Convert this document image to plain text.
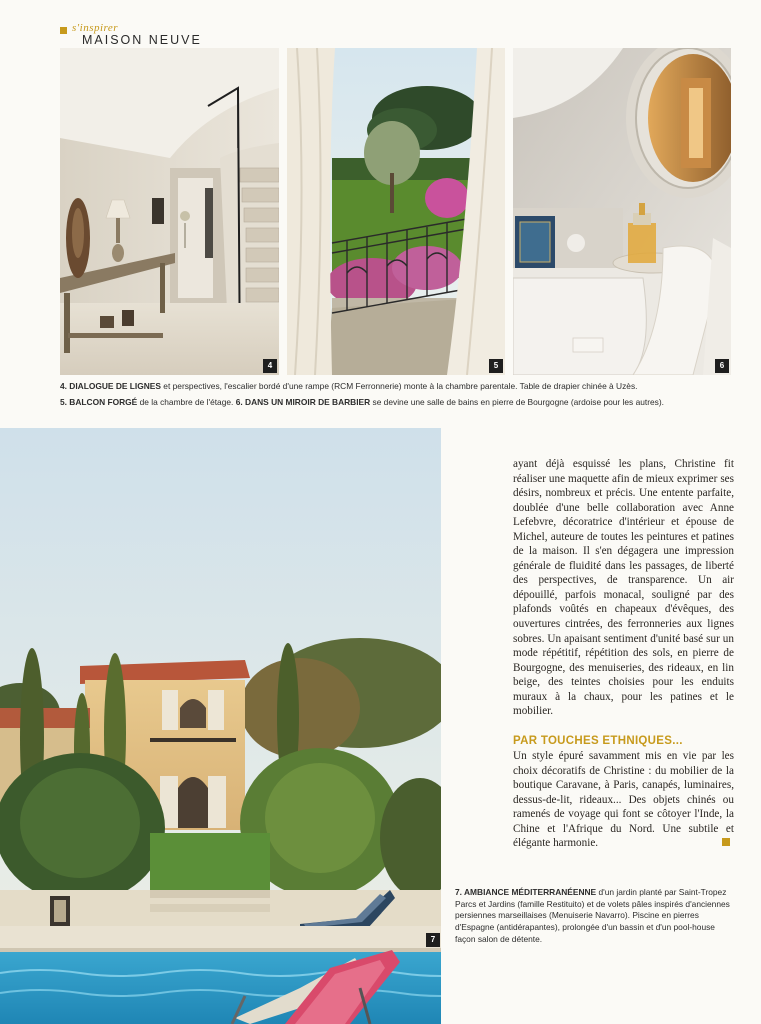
s'inspirer
MAISON NEUVE
4	5	6
4. DIALOGUE DE LIGNES et perspectives, l'escalier bordé d'une rampe (RCM Ferronnerie) monte à la chambre parentale. Table de drapier chinée à Uzès.
5. BALCON FORGÉ de la chambre de l'étage. 6. DANS UN MIROIR DE BARBIER se devine une salle de bains en pierre de Bourgogne (ardoise pour les autres).
7

ayant déjà esquissé les plans, Christine fit réaliser une maquette afin de mieux exprimer ses désirs, nombreux et précis. Une entente parfaite, doublée d'une belle collaboration avec Anne Lefebvre, décoratrice d'intérieur et épouse de Michel, auteure de toutes les peintures et patines de la maison. Il s'en dégagera une impression générale de fluidité dans les passages, de liberté des perspectives, de transparence. Un air dépouillé, parfois monacal, souligné par des plafonds voûtés en chapeaux d'évêques, des ouvertures cintrées, des ferronneries aux lignes sobres. Un apaisant sentiment d'unité basé sur un mode répétitif, répétition des sols, en pierre de Bourgogne, des menuiseries, des rideaux, en lin beige, des teintes choisies pour les enduits muraux à la chaux, pour les patines et le mobilier.

PAR TOUCHES ETHNIQUES...

Un style épuré savamment mis en vie par les choix décoratifs de Christine : du mobilier de la boutique Caravane, à Paris, canapés, luminaires, dessus-de-lit, rideaux... Des objets chinés ou ramenés de voyage qui font se côtoyer l'Inde, la Chine et l'Afrique du Nord. Une subtile et élégante harmonie.

7. AMBIANCE MÉDITERRANÉENNE d'un jardin planté par Saint-Tropez Parcs et Jardins (famille Restituito) et de volets pâles inspirés d'anciennes persiennes marseillaises (Menuiserie Navarro). Piscine en pierres d'Espagne (antidérapantes), prolongée d'un bassin et d'un pool-house façon salon de détente.
